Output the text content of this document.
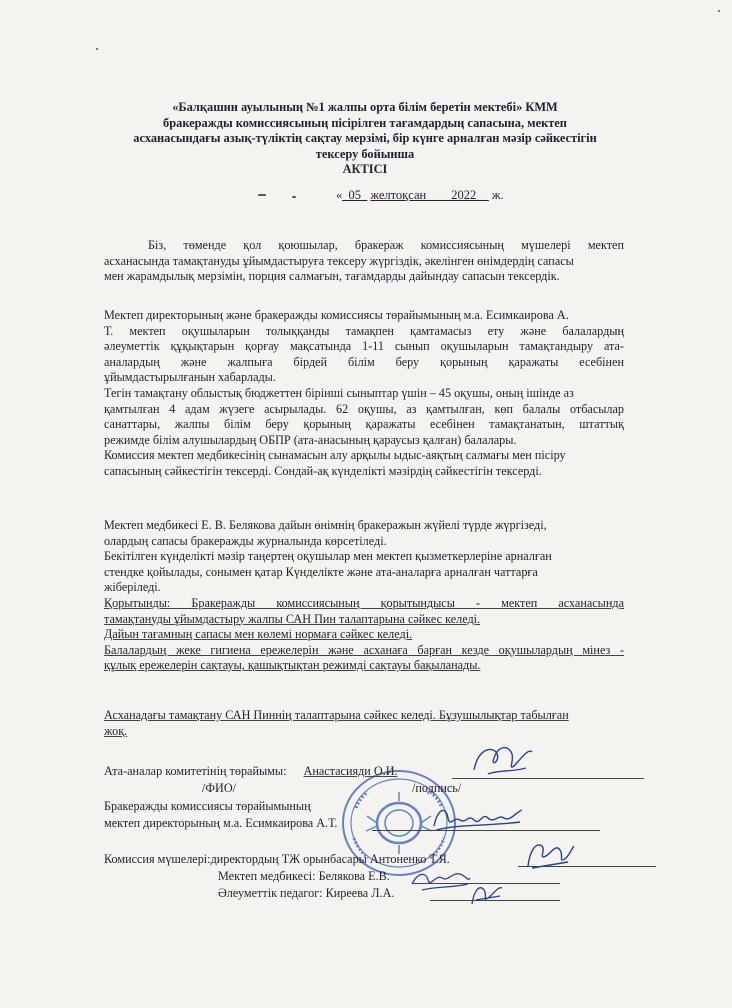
«Балқашин ауылының №1 жалпы орта білім беретін мектебі» КММ
бракеражды комиссиясының пісірілген тағамдардың сапасына, мектеп
асханасындағы азық-түліктің сақтау мерзімі, бір күнге арналған мәзір сәйкестігін
тексеру бойынша
АКТІСІ
«_05_ желтоқсан____2022__ ж.
Біз, төменде қол қоюшылар, бракераж комиссиясының мүшелері мектеп
асханасында тамақтануды ұйымдастыруға тексеру жүргіздік, әкелінген өнімдердің сапасы
мен жарамдылық мерзімін, порция салмағын, тағамдарды дайындау сапасын тексердік.
Мектеп директорының және бракеражды комиссиясы төрайымының м.а. Есимкаирова А.
Т. мектеп оқушыларын толыққанды тамақпен қамтамасыз ету және балалардың
әлеуметтік құқықтарын қорғау мақсатында 1-11 сынып оқушыларын тамақтандыру ата-
аналардың және жалпыға бірдей білім беру қорының қаражаты есебінен
ұйымдастырылғанын хабарлады.
Тегін тамақтану облыстық бюджеттен бірінші сыныптар үшін – 45 оқушы, оның ішінде аз
қамтылған 4 адам жүзеге асырылады. 62 оқушы, аз қамтылған, көп балалы отбасылар
санаттары, жалпы білім беру қорының қаражаты есебінен тамақтанатын, штаттық
режимде білім алушылардың ОБПР (ата-анасының қараусыз қалған) балалары.
Комиссия мектеп медбикесінің сынамасын алу арқылы ыдыс-аяқтың салмағы мен пісіру
сапасының сәйкестігін тексерді. Сондай-ақ күнделікті мәзірдің сәйкестігін тексерді.
Мектеп медбикесі Е. В. Белякова дайын өнімнің бракеражын жүйелі түрде жүргізеді,
олардың сапасы бракеражды журналында көрсетіледі.
Бекітілген күнделікті мәзір таңертең оқушылар мен мектеп қызметкерлеріне арналған
стендке қойылады, сонымен қатар Күнделікте және ата-аналарға арналған чаттарға
жіберіледі.
Қорытынды: Бракеражды комиссиясының қорытындысы - мектеп асханасында
тамақтануды ұйымдастыру жалпы САН Пин талаптарына сәйкес келеді.
Дайын тағамның сапасы мен көлемі нормаға сәйкес келеді.
Балалардың жеке гигиена ережелерін және асханаға барған кезде оқушылардың мінез -
құлық ережелерін сақтауы, қашықтықтан режимді сақтауы бақыланады.
Асханадағы тамақтану САН Пиннің талаптарына сәйкес келеді. Бұзушылықтар табылған
жоқ.
Ата-аналар комитетінің төрайымы: Анастасияди О.И.
/ФИО/	/подпись/
Бракеражды комиссиясы төрайымының
мектеп директорының м.а. Есимкаирова А.Т.
Комиссия мүшелері:директордың ТЖ орынбасары Антоненко Т.Я.
Мектеп медбикесі: Белякова Е.В.
Әлеуметтік педагог: Киреева Л.А.
